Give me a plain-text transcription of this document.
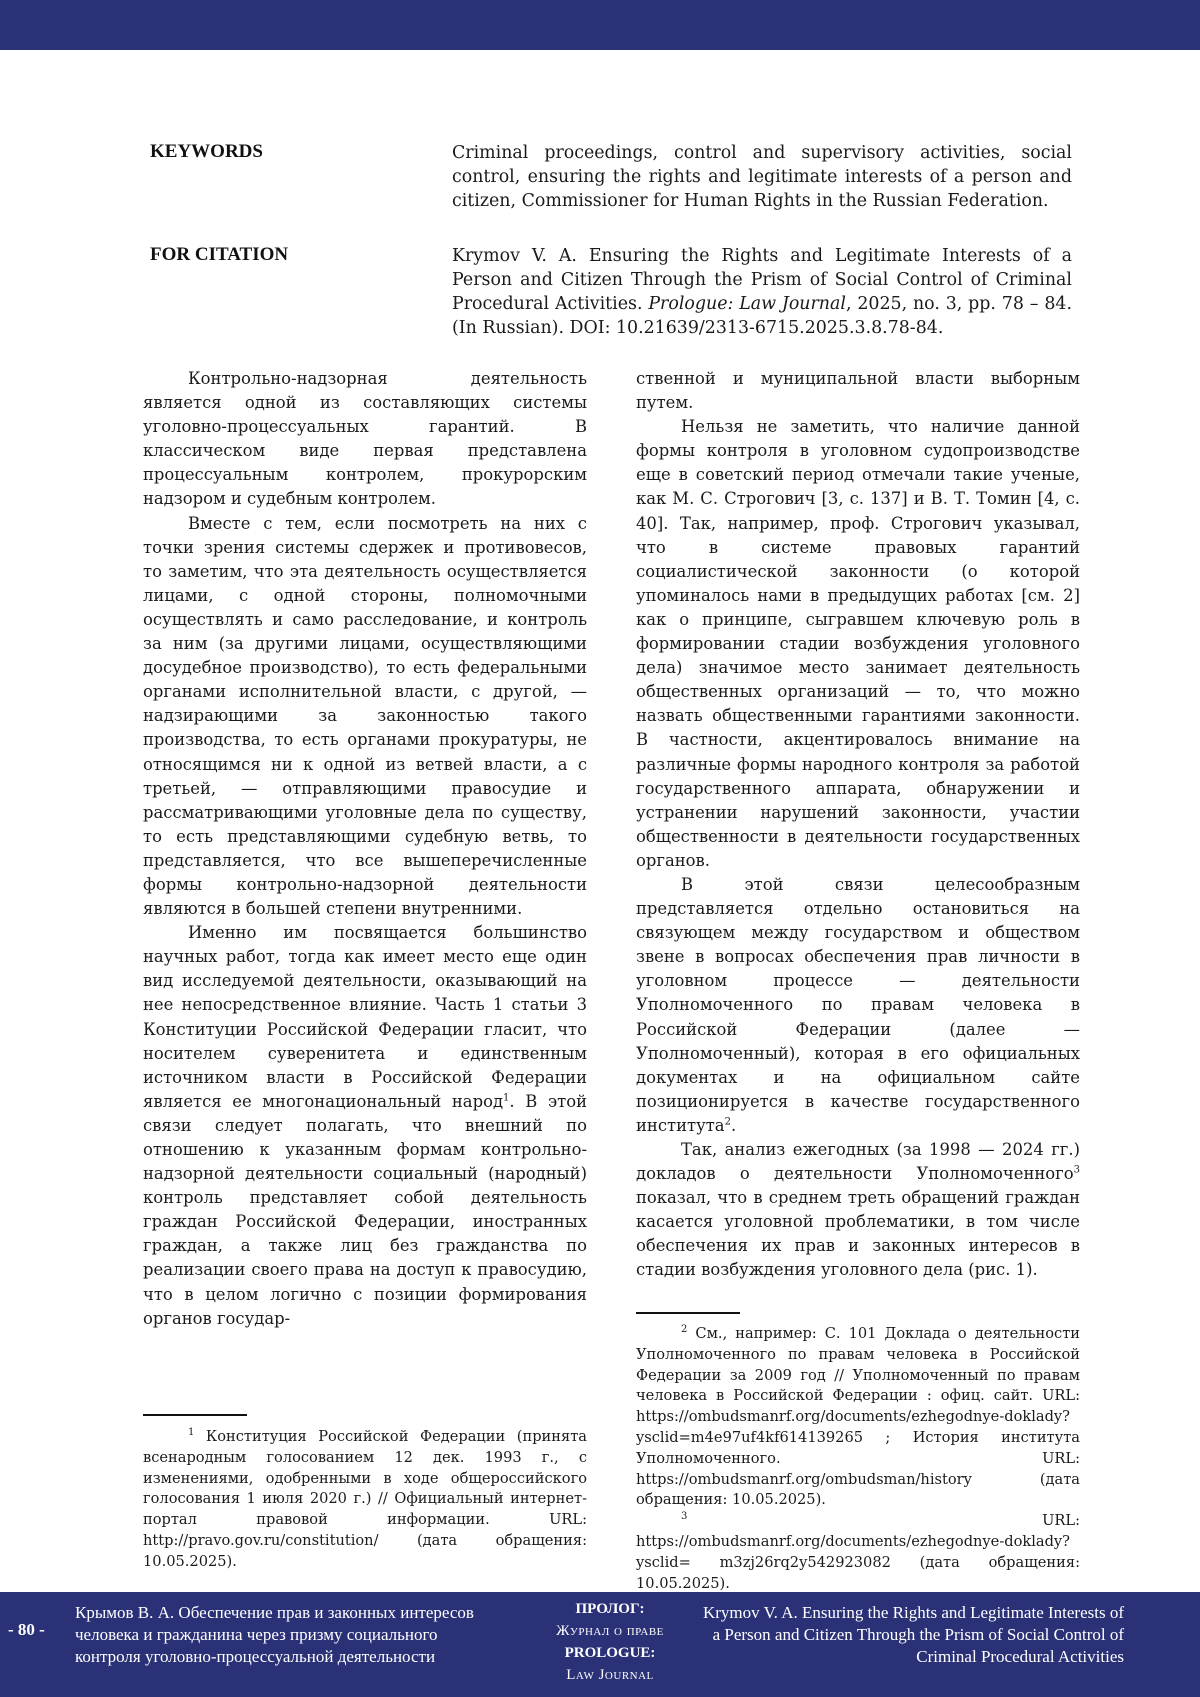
KEYWORDS	Criminal proceedings, control and supervisory activities, social control, ensuring the rights and legitimate interests of a person and citizen, Commissioner for Human Rights in the Russian Federation.
FOR CITATION	Krymov V. A. Ensuring the Rights and Legitimate Interests of a Person and Citizen Through the Prism of Social Control of Criminal Procedural Activities. Prologue: Law Journal, 2025, no. 3, pp. 78 – 84. (In Russian). DOI: 10.21639/2313-6715.2025.3.8.78-84.

Контрольно-надзорная деятельность является одной из составляющих системы уголовно-процессуальных гарантий. В классическом виде первая представлена процессуальным контролем, прокурорским надзором и судебным контролем.

Вместе с тем, если посмотреть на них с точки зрения системы сдержек и противовесов, то заметим, что эта деятельность осуществляется лицами, с одной стороны, полномочными осуществлять и само расследование, и контроль за ним (за другими лицами, осуществляющими досудебное производство), то есть федеральными органами исполнительной власти, с другой, — надзирающими за законностью такого производства, то есть органами прокуратуры, не относящимся ни к одной из ветвей власти, а с третьей, — отправляющими правосудие и рассматривающими уголовные дела по существу, то есть представляющими судебную ветвь, то представляется, что все вышеперечисленные формы контрольно-надзорной деятельности являются в большей степени внутренними.

Именно им посвящается большинство научных работ, тогда как имеет место еще один вид исследуемой деятельности, оказывающий на нее непосредственное влияние. Часть 1 статьи 3 Конституции Российской Федерации гласит, что носителем суверенитета и единственным источником власти в Российской Федерации является ее многонациональный народ$^1$. В этой связи следует полагать, что внешний по отношению к указанным формам контрольно-надзорной деятельности социальный (народный) контроль представляет собой деятельность граждан Российской Федерации, иностранных граждан, а также лиц без гражданства по реализации своего права на доступ к правосудию, что в целом логично с позиции формирования органов государ-

ственной и муниципальной власти выборным путем.

Нельзя не заметить, что наличие данной формы контроля в уголовном судопроизводстве еще в советский период отмечали такие ученые, как М. С. Строгович [3, с. 137] и В. Т. Томин [4, с. 40]. Так, например, проф. Строгович указывал, что в системе правовых гарантий социалистической законности (о которой упоминалось нами в предыдущих работах [см. 2] как о принципе, сыгравшем ключевую роль в формировании стадии возбуждения уголовного дела) значимое место занимает деятельность общественных организаций — то, что можно назвать общественными гарантиями законности. В частности, акцентировалось внимание на различные формы народного контроля за работой государственного аппарата, обнаружении и устранении нарушений законности, участии общественности в деятельности государственных органов.

В этой связи целесообразным представляется отдельно остановиться на связующем между государством и обществом звене в вопросах обеспечения прав личности в уголовном процессе — деятельности Уполномоченного по правам человека в Российской Федерации (далее — Уполномоченный), которая в его официальных документах и на официальном сайте позиционируется в качестве государственного института$^2$.

Так, анализ ежегодных (за 1998 — 2024 гг.) докладов о деятельности Уполномоченного$^3$ показал, что в среднем треть обращений граждан касается уголовной проблематики, в том числе обеспечения их прав и законных интересов в стадии возбуждения уголовного дела (рис. 1).

$^1$ Конституция Российской Федерации (принята всенародным голосованием 12 дек. 1993 г., с изменениями, одобренными в ходе общероссийского голосования 1 июля 2020 г.) // Официальный интернет-портал правовой информации. URL: http://pravo.gov.ru/constitution/ (дата обращения: 10.05.2025).

$^2$ См., например: С. 101 Доклада о деятельности Уполномоченного по правам человека в Российской Федерации за 2009 год // Уполномоченный по правам человека в Российской Федерации : офиц. сайт. URL: https://ombudsmanrf.org/documents/ezhegodnye-doklady?ysclid=m4e97uf4kf614139265 ; История института Уполномоченного. URL: https://ombudsmanrf.org/ombudsman/history (дата обращения: 10.05.2025).

$^3$ URL: https://ombudsmanrf.org/documents/ezhegodnye-doklady?ysclid= m3zj26rq2y542923082 (дата обращения: 10.05.2025).

- 80 -
Крымов В. А. Обеспечение прав и законных интересов человека и гражданина через призму социального контроля уголовно-процессуальной деятельности
ПРОЛОГ:
Журнал о праве
PROLOGUE:
Law Journal
Krymov V. A. Ensuring the Rights and Legitimate Interests of a Person and Citizen Through the Prism of Social Control of Criminal Procedural Activities
